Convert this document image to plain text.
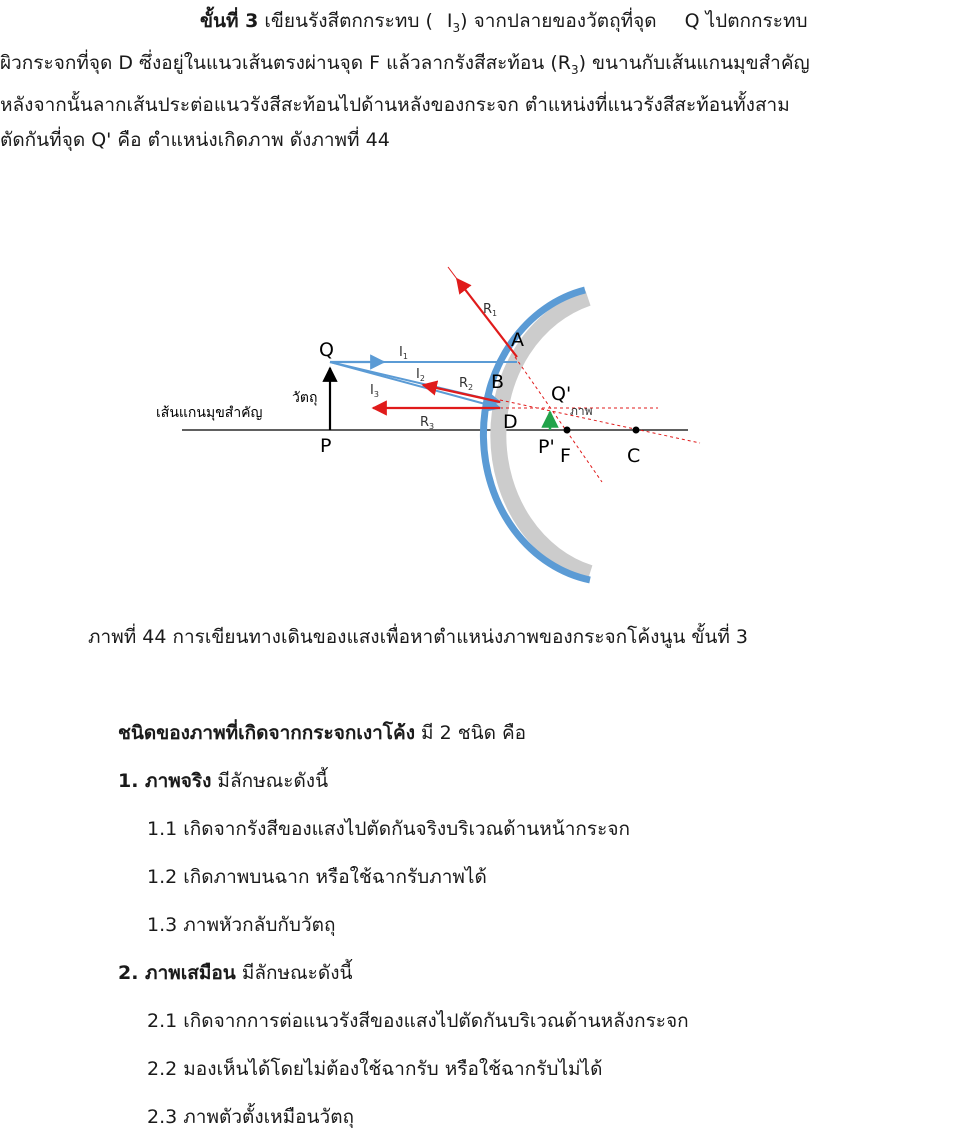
ขั้นที่ 3 เขียนรังสีตกกระทบ ( $I_3$) จากปลายของวัตถุที่จุด Q ไปตกกระทบ
ผิวกระจกที่จุด D ซึ่งอยู่ในแนวเส้นตรงผ่านจุด F แล้วลากรังสีสะท้อน $(R_3)$ ขนานกับเส้นแกนมุขสำคัญ
หลังจากนั้นลากเส้นประต่อแนวรังสีสะท้อนไปด้านหลังของกระจก ตำแหน่งที่แนวรังสีสะท้อนทั้งสาม
ตัดกันที่จุด Q' คือ ตำแหน่งเกิดภาพ ดังภาพที่ 44
$R_1$
A
Q	$I_1$
$I_2$	$R_2$ B
Q'
วัตถุ	$I_3$
ภาพ
เส้นแกนมุขสำคัญ
$R_3$	D
P	P' F	C
ภาพที่ 44 การเขียนทางเดินของแสงเพื่อหาตำแหน่งภาพของกระจกโค้งนูน ขั้นที่ 3
ชนิดของภาพที่เกิดจากกระจกเงาโค้ง มี 2 ชนิด คือ
1. ภาพจริง มีลักษณะดังนี้
1.1 เกิดจากรังสีของแสงไปตัดกันจริงบริเวณด้านหน้ากระจก
1.2 เกิดภาพบนฉาก หรือใช้ฉากรับภาพได้
1.3 ภาพหัวกลับกับวัตถุ
2. ภาพเสมือน มีลักษณะดังนี้
2.1 เกิดจากการต่อแนวรังสีของแสงไปตัดกันบริเวณด้านหลังกระจก
2.2 มองเห็นได้โดยไม่ต้องใช้ฉากรับ หรือใช้ฉากรับไม่ได้
2.3 ภาพตัวตั้งเหมือนวัตถุ
